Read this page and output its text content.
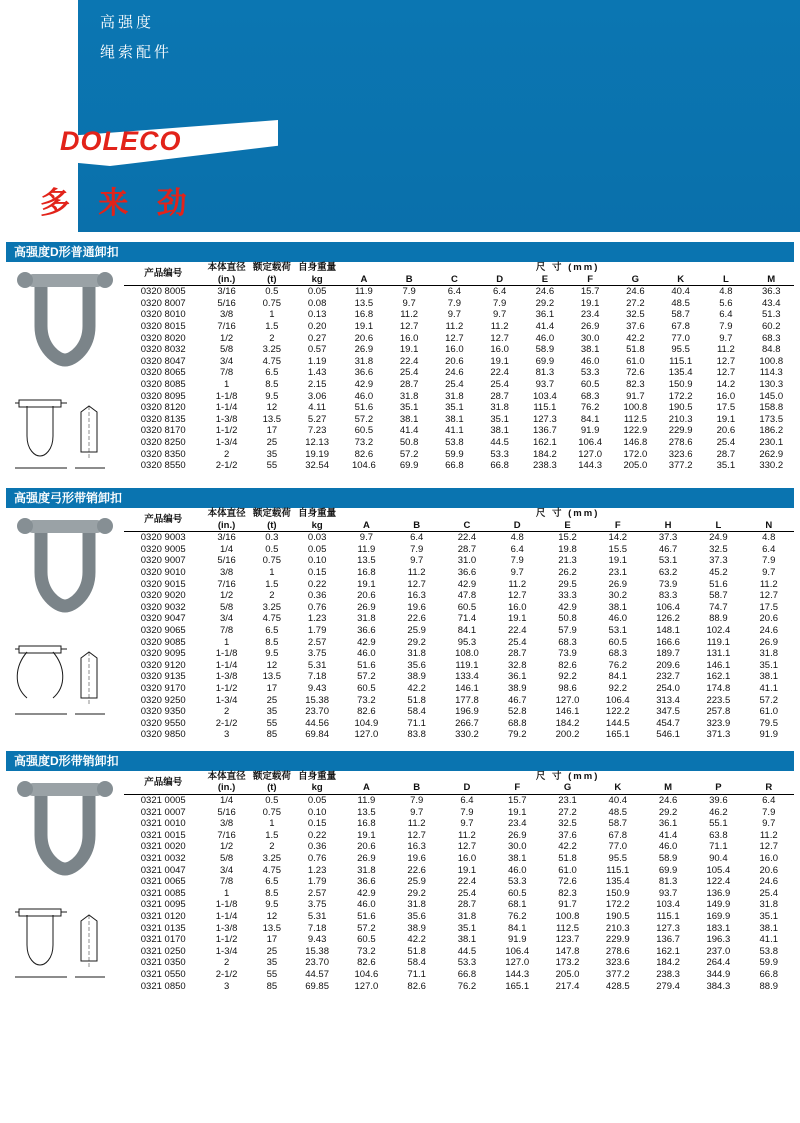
高强度
绳索配件
DOLECO
多 来 劲
高强度D形普通卸扣
产品编号	本体直径	额定载荷	自身重量	尺 寸 (mm)									
	(in.)	(t)	kg	A	B	C	D	E	F	G	K	L	M
0320 8005	3/16	0.5	0.05	11.9	7.9	6.4	6.4	24.6	15.7	24.6	40.4	4.8	36.3
0320 8007	5/16	0.75	0.08	13.5	9.7	7.9	7.9	29.2	19.1	27.2	48.5	5.6	43.4
0320 8010	3/8	1	0.13	16.8	11.2	9.7	9.7	36.1	23.4	32.5	58.7	6.4	51.3
0320 8015	7/16	1.5	0.20	19.1	12.7	11.2	11.2	41.4	26.9	37.6	67.8	7.9	60.2
0320 8020	1/2	2	0.27	20.6	16.0	12.7	12.7	46.0	30.0	42.2	77.0	9.7	68.3
0320 8032	5/8	3.25	0.57	26.9	19.1	16.0	16.0	58.9	38.1	51.8	95.5	11.2	84.8
0320 8047	3/4	4.75	1.19	31.8	22.4	20.6	19.1	69.9	46.0	61.0	115.1	12.7	100.8
0320 8065	7/8	6.5	1.43	36.6	25.4	24.6	22.4	81.3	53.3	72.6	135.4	12.7	114.3
0320 8085	1	8.5	2.15	42.9	28.7	25.4	25.4	93.7	60.5	82.3	150.9	14.2	130.3
0320 8095	1-1/8	9.5	3.06	46.0	31.8	31.8	28.7	103.4	68.3	91.7	172.2	16.0	145.0
0320 8120	1-1/4	12	4.11	51.6	35.1	35.1	31.8	115.1	76.2	100.8	190.5	17.5	158.8
0320 8135	1-3/8	13.5	5.27	57.2	38.1	38.1	35.1	127.3	84.1	112.5	210.3	19.1	173.5
0320 8170	1-1/2	17	7.23	60.5	41.4	41.1	38.1	136.7	91.9	122.9	229.9	20.6	186.2
0320 8250	1-3/4	25	12.13	73.2	50.8	53.8	44.5	162.1	106.4	146.8	278.6	25.4	230.1
0320 8350	2	35	19.19	82.6	57.2	59.9	53.3	184.2	127.0	172.0	323.6	28.7	262.9
0320 8550	2-1/2	55	32.54	104.6	69.9	66.8	66.8	238.3	144.3	205.0	377.2	35.1	330.2
高强度弓形带销卸扣
产品编号	本体直径	额定载荷	自身重量	尺 寸 (mm)								
	(in.)	(t)	kg	A	B	C	D	E	F	H	L	N
0320 9003	3/16	0.3	0.03	9.7	6.4	22.4	4.8	15.2	14.2	37.3	24.9	4.8
0320 9005	1/4	0.5	0.05	11.9	7.9	28.7	6.4	19.8	15.5	46.7	32.5	6.4
0320 9007	5/16	0.75	0.10	13.5	9.7	31.0	7.9	21.3	19.1	53.1	37.3	7.9
0320 9010	3/8	1	0.15	16.8	11.2	36.6	9.7	26.2	23.1	63.2	45.2	9.7
0320 9015	7/16	1.5	0.22	19.1	12.7	42.9	11.2	29.5	26.9	73.9	51.6	11.2
0320 9020	1/2	2	0.36	20.6	16.3	47.8	12.7	33.3	30.2	83.3	58.7	12.7
0320 9032	5/8	3.25	0.76	26.9	19.6	60.5	16.0	42.9	38.1	106.4	74.7	17.5
0320 9047	3/4	4.75	1.23	31.8	22.6	71.4	19.1	50.8	46.0	126.2	88.9	20.6
0320 9065	7/8	6.5	1.79	36.6	25.9	84.1	22.4	57.9	53.1	148.1	102.4	24.6
0320 9085	1	8.5	2.57	42.9	29.2	95.3	25.4	68.3	60.5	166.6	119.1	26.9
0320 9095	1-1/8	9.5	3.75	46.0	31.8	108.0	28.7	73.9	68.3	189.7	131.1	31.8
0320 9120	1-1/4	12	5.31	51.6	35.6	119.1	32.8	82.6	76.2	209.6	146.1	35.1
0320 9135	1-3/8	13.5	7.18	57.2	38.9	133.4	36.1	92.2	84.1	232.7	162.1	38.1
0320 9170	1-1/2	17	9.43	60.5	42.2	146.1	38.9	98.6	92.2	254.0	174.8	41.1
0320 9250	1-3/4	25	15.38	73.2	51.8	177.8	46.7	127.0	106.4	313.4	223.5	57.2
0320 9350	2	35	23.70	82.6	58.4	196.9	52.8	146.1	122.2	347.5	257.8	61.0
0320 9550	2-1/2	55	44.56	104.9	71.1	266.7	68.8	184.2	144.5	454.7	323.9	79.5
0320 9850	3	85	69.84	127.0	83.8	330.2	79.2	200.2	165.1	546.1	371.3	91.9
高强度D形带销卸扣
产品编号	本体直径	额定载荷	自身重量	尺 寸 (mm)								
	(in.)	(t)	kg	A	B	D	F	G	K	M	P	R
0321 0005	1/4	0.5	0.05	11.9	7.9	6.4	15.7	23.1	40.4	24.6	39.6	6.4
0321 0007	5/16	0.75	0.10	13.5	9.7	7.9	19.1	27.2	48.5	29.2	46.2	7.9
0321 0010	3/8	1	0.15	16.8	11.2	9.7	23.4	32.5	58.7	36.1	55.1	9.7
0321 0015	7/16	1.5	0.22	19.1	12.7	11.2	26.9	37.6	67.8	41.4	63.8	11.2
0321 0020	1/2	2	0.36	20.6	16.3	12.7	30.0	42.2	77.0	46.0	71.1	12.7
0321 0032	5/8	3.25	0.76	26.9	19.6	16.0	38.1	51.8	95.5	58.9	90.4	16.0
0321 0047	3/4	4.75	1.23	31.8	22.6	19.1	46.0	61.0	115.1	69.9	105.4	20.6
0321 0065	7/8	6.5	1.79	36.6	25.9	22.4	53.3	72.6	135.4	81.3	122.4	24.6
0321 0085	1	8.5	2.57	42.9	29.2	25.4	60.5	82.3	150.9	93.7	136.9	25.4
0321 0095	1-1/8	9.5	3.75	46.0	31.8	28.7	68.1	91.7	172.2	103.4	149.9	31.8
0321 0120	1-1/4	12	5.31	51.6	35.6	31.8	76.2	100.8	190.5	115.1	169.9	35.1
0321 0135	1-3/8	13.5	7.18	57.2	38.9	35.1	84.1	112.5	210.3	127.3	183.1	38.1
0321 0170	1-1/2	17	9.43	60.5	42.2	38.1	91.9	123.7	229.9	136.7	196.3	41.1
0321 0250	1-3/4	25	15.38	73.2	51.8	44.5	106.4	147.8	278.6	162.1	237.0	53.8
0321 0350	2	35	23.70	82.6	58.4	53.3	127.0	173.2	323.6	184.2	264.4	59.9
0321 0550	2-1/2	55	44.57	104.6	71.1	66.8	144.3	205.0	377.2	238.3	344.9	66.8
0321 0850	3	85	69.85	127.0	82.6	76.2	165.1	217.4	428.5	279.4	384.3	88.9
